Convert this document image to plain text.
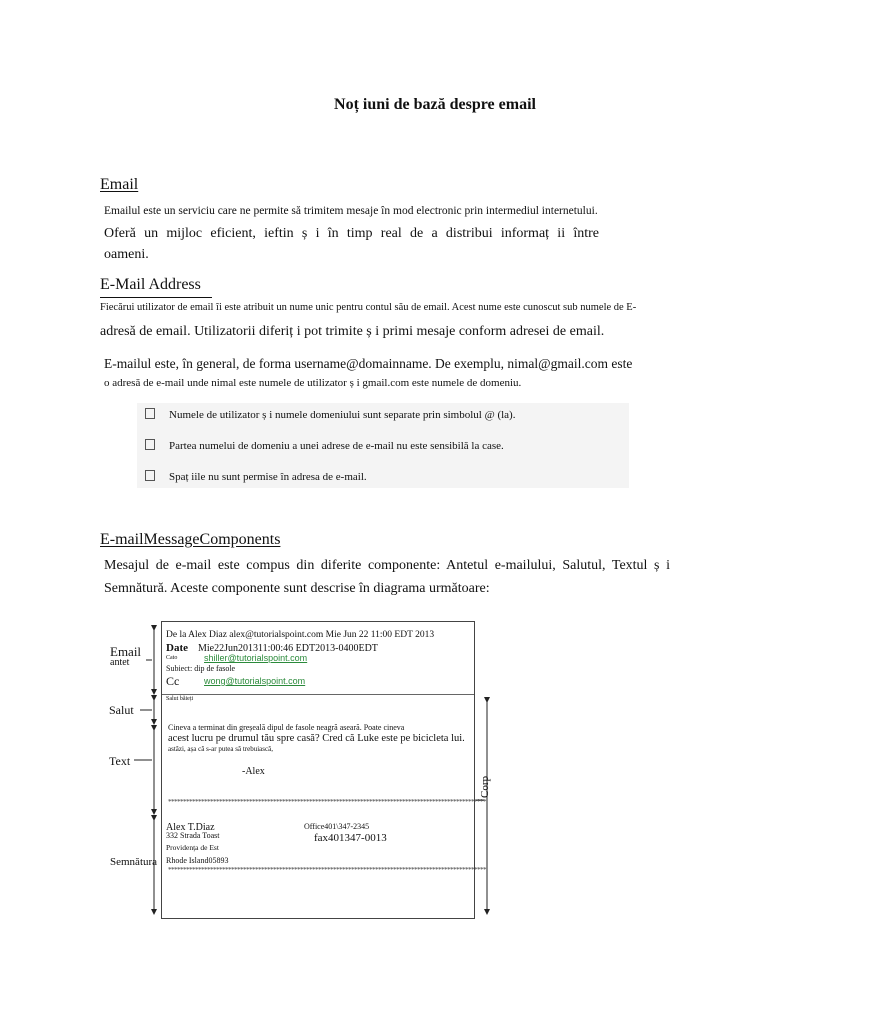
Noț iuni de bază despre email
Email
Emailul este un serviciu care ne permite să trimitem mesaje în mod electronic prin intermediul internetului.
Oferă un mijloc eficient, ieftin ș i în timp real de a distribui informaț ii între
oameni.
E-Mail Address
Fiecărui utilizator de email îi este atribuit un nume unic pentru contul său de email. Acest nume este cunoscut sub numele de E-
adresă de email. Utilizatorii diferiț i pot trimite ș i primi mesaje conform adresei de email.
E-mailul este, în general, de forma username@domainname. De exemplu, nimal@gmail.com este
o adresă de e-mail unde nimal este numele de utilizator ș i gmail.com este numele de domeniu.
Numele de utilizator ș i numele domeniului sunt separate prin simbolul @ (la).
Partea numelui de domeniu a unei adrese de e-mail nu este sensibilă la case.
Spaț iile nu sunt permise în adresa de e-mail.
E-mailMessageComponents
Mesajul de e-mail este compus din diferite componente: Antetul e-mailului, Salutul, Textul ș i
Semnătură. Aceste componente sunt descrise în diagrama următoare:
Email
antet
Salut
Text
Semnătura
Corp
De la Alex Diaz alex@tutorialspoint.com Mie Jun 22 11:00 EDT 2013
Date Mie22Jun201311:00:46 EDT2013-0400EDT
Cato	shiller@tutorialspoint.com
Subiect: dip de fasole
Cc	wong@tutorialspoint.com
Salut băieți
Cineva a terminat din greșeală dipul de fasole neagră aseară. Poate cineva
acest lucru pe drumul tău spre casă? Cred că Luke este pe bicicleta lui.
astăzi, așa că s-ar putea să trebuiască,
-Alex
**********************************************************************************************************
Alex T.Diaz
332 Strada Toast
Providența de Est
Rhode Island05893
Office401\347-2345
fax401347-0013
**********************************************************************************************************
